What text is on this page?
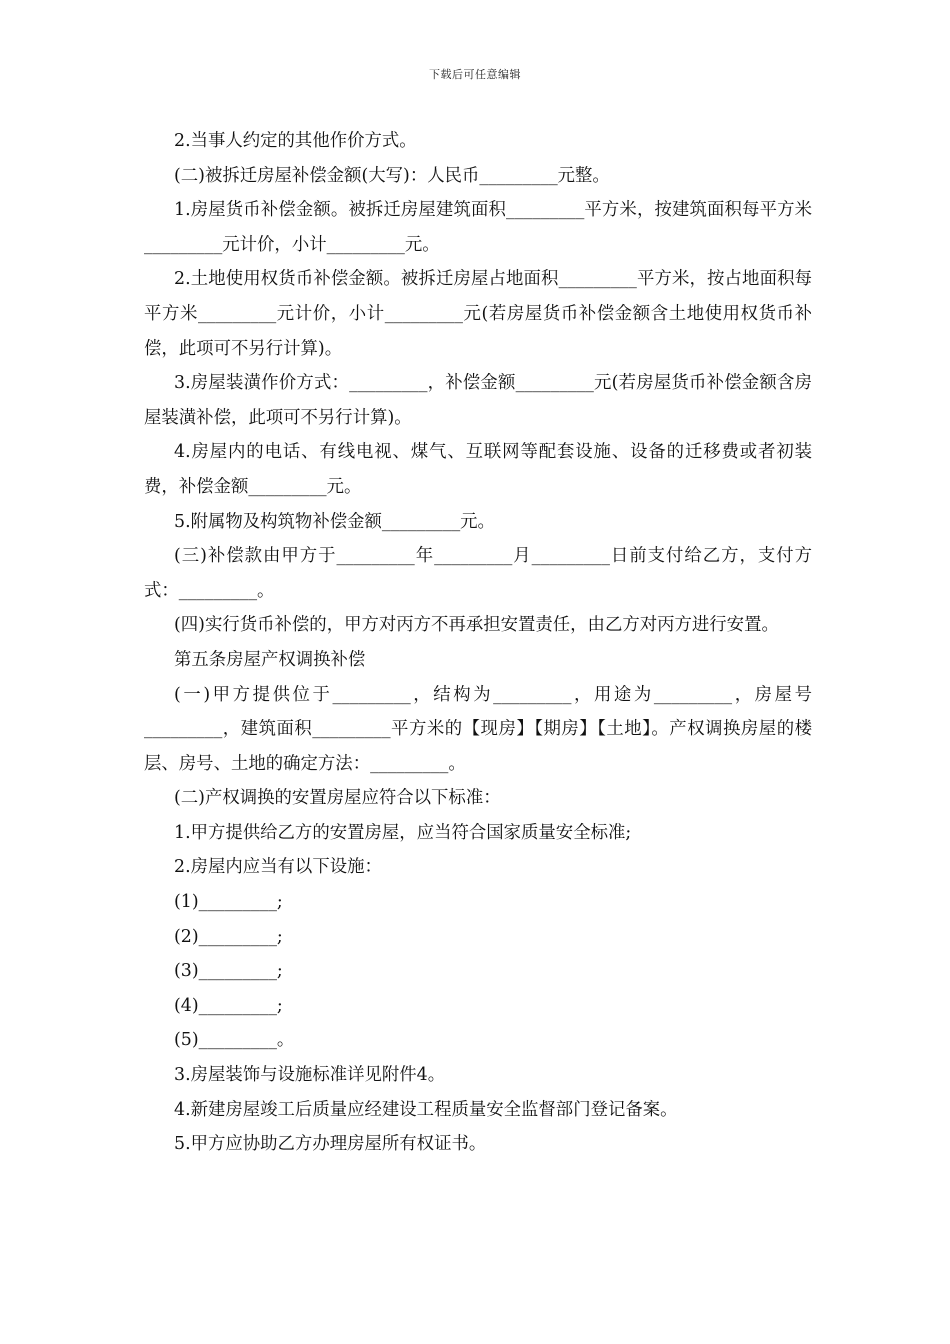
下载后可任意编辑

2.当事人约定的其他作价方式。

(二)被拆迁房屋补偿金额(大写)：人民币_________元整。

1.房屋货币补偿金额。被拆迁房屋建筑面积_________平方米，按建筑面积每平方米_________元计价，小计_________元。

2.土地使用权货币补偿金额。被拆迁房屋占地面积_________平方米，按占地面积每平方米_________元计价，小计_________元(若房屋货币补偿金额含土地使用权货币补偿，此项可不另行计算)。

3.房屋装潢作价方式：_________，补偿金额_________元(若房屋货币补偿金额含房屋装潢补偿，此项可不另行计算)。

4.房屋内的电话、有线电视、煤气、互联网等配套设施、设备的迁移费或者初装费，补偿金额_________元。

5.附属物及构筑物补偿金额_________元。

(三)补偿款由甲方于_________年_________月_________日前支付给乙方，支付方式：_________。

(四)实行货币补偿的，甲方对丙方不再承担安置责任，由乙方对丙方进行安置。

第五条房屋产权调换补偿

(一)甲方提供位于_________，结构为_________，用途为_________，房屋号_________，建筑面积_________平方米的【现房】【期房】【土地】。产权调换房屋的楼层、房号、土地的确定方法：_________。

(二)产权调换的安置房屋应符合以下标准：

1.甲方提供给乙方的安置房屋，应当符合国家质量安全标准;

2.房屋内应当有以下设施：

(1)_________;

(2)_________;

(3)_________;

(4)_________;

(5)_________。

3.房屋装饰与设施标准详见附件4。

4.新建房屋竣工后质量应经建设工程质量安全监督部门登记备案。

5.甲方应协助乙方办理房屋所有权证书。
